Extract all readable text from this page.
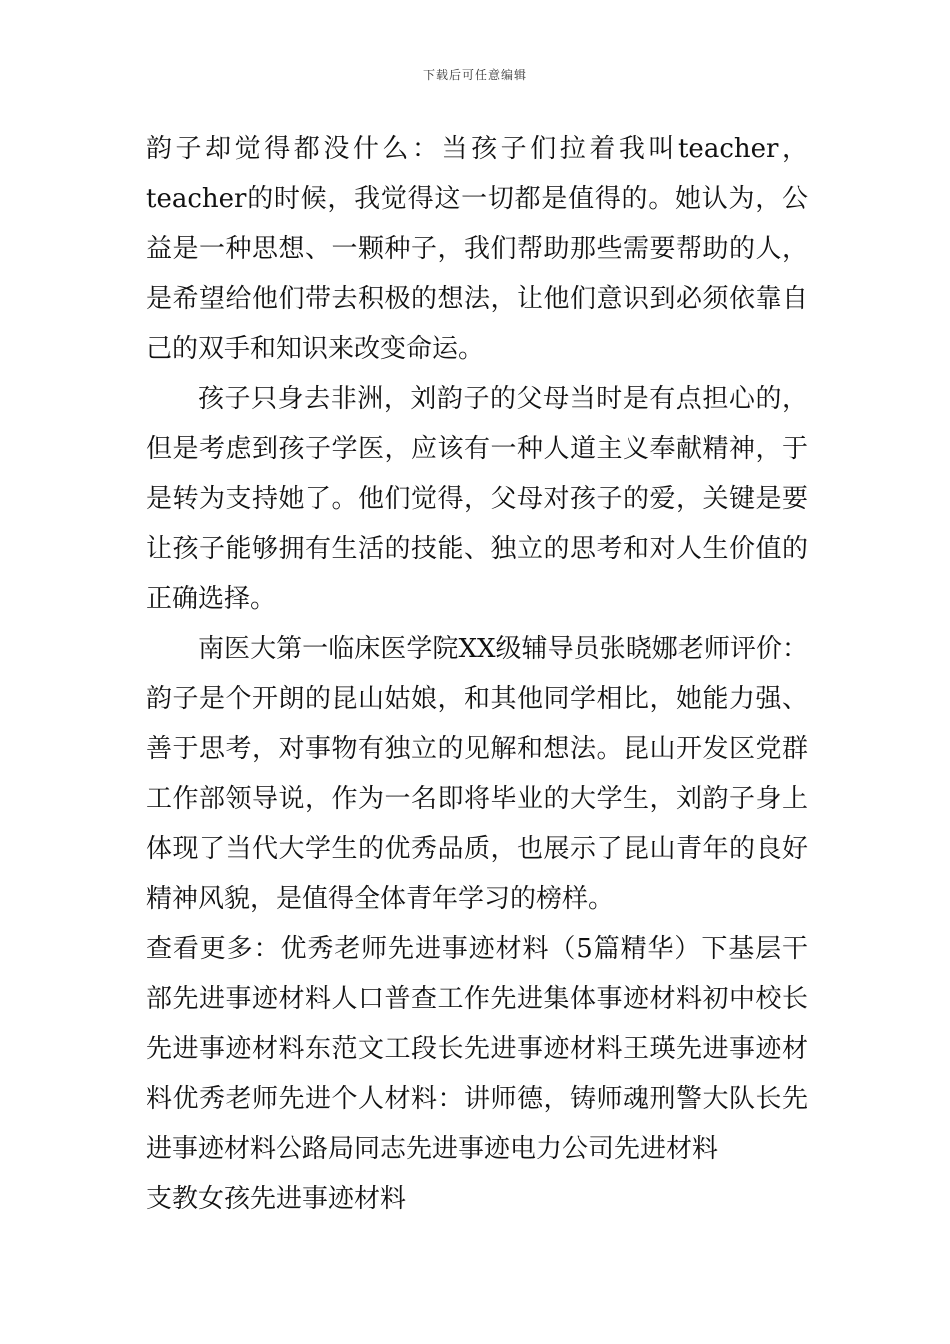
下载后可任意编辑

韵子却觉得都没什么：当孩子们拉着我叫teacher，teacher的时候，我觉得这一切都是值得的。她认为，公益是一种思想、一颗种子，我们帮助那些需要帮助的人，是希望给他们带去积极的想法，让他们意识到必须依靠自己的双手和知识来改变命运。

孩子只身去非洲，刘韵子的父母当时是有点担心的，但是考虑到孩子学医，应该有一种人道主义奉献精神，于是转为支持她了。他们觉得，父母对孩子的爱，关键是要让孩子能够拥有生活的技能、独立的思考和对人生价值的正确选择。

南医大第一临床医学院XX级辅导员张晓娜老师评价：韵子是个开朗的昆山姑娘，和其他同学相比，她能力强、善于思考，对事物有独立的见解和想法。昆山开发区党群工作部领导说，作为一名即将毕业的大学生，刘韵子身上体现了当代大学生的优秀品质，也展示了昆山青年的良好精神风貌，是值得全体青年学习的榜样。

查看更多：优秀老师先进事迹材料（5篇精华）下基层干部先进事迹材料人口普查工作先进集体事迹材料初中校长先进事迹材料东范文工段长先进事迹材料王瑛先进事迹材料优秀老师先进个人材料：讲师德，铸师魂刑警大队长先进事迹材料公路局同志先进事迹电力公司先进材料

支教女孩先进事迹材料
